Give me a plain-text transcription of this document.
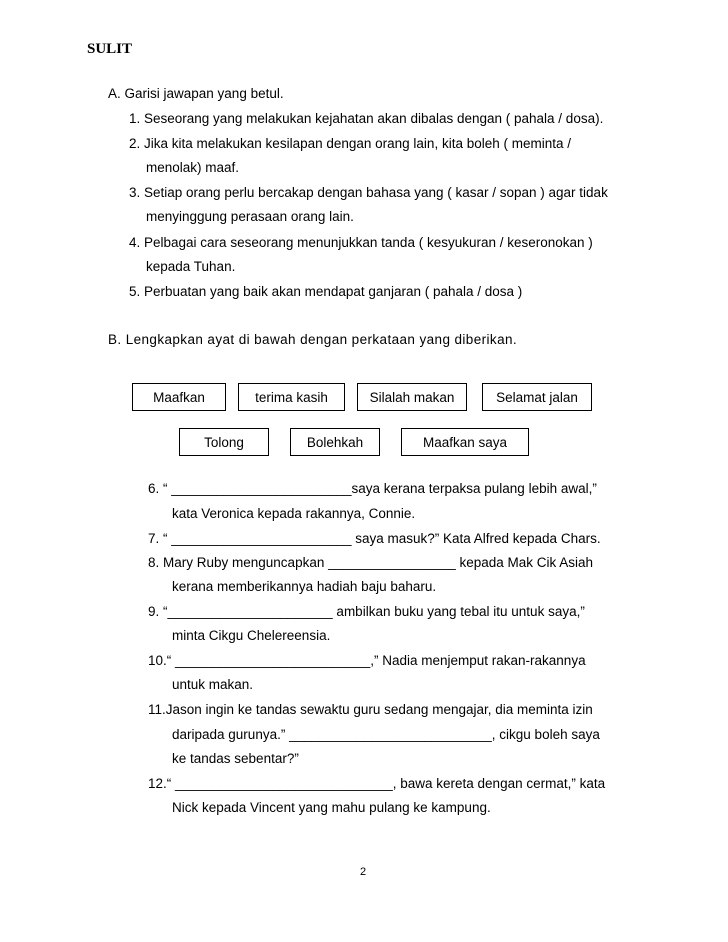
SULIT
A. Garisi jawapan yang betul.
1. Seseorang yang melakukan kejahatan akan dibalas dengan ( pahala / dosa).
2. Jika kita melakukan kesilapan dengan orang lain, kita boleh ( meminta /
menolak) maaf.
3. Setiap orang perlu bercakap dengan bahasa yang ( kasar / sopan ) agar tidak
menyinggung perasaan orang lain.
4. Pelbagai cara seseorang menunjukkan tanda ( kesyukuran / keseronokan )
kepada Tuhan.
5. Perbuatan yang baik akan mendapat ganjaran ( pahala / dosa )
B. Lengkapkan ayat di bawah dengan perkataan yang diberikan.
Maafkan	terima kasih	Silalah makan	Selamat jalan
Tolong	Bolehkah	Maafkan saya
6. “ ________________________saya kerana terpaksa pulang lebih awal,”
kata Veronica kepada rakannya, Connie.
7. “ ________________________ saya masuk?” Kata Alfred kepada Chars.
8. Mary Ruby menguncapkan _________________ kepada Mak Cik Asiah
kerana memberikannya hadiah baju baharu.
9. “______________________ ambilkan buku yang tebal itu untuk saya,”
minta Cikgu Chelereensia.
10.“ __________________________,” Nadia menjemput rakan-rakannya
untuk makan.
11.Jason ingin ke tandas sewaktu guru sedang mengajar, dia meminta izin
daripada gurunya.” ___________________________, cikgu boleh saya
ke tandas sebentar?”
12.“ _____________________________, bawa kereta dengan cermat,” kata
Nick kepada Vincent yang mahu pulang ke kampung.
2
